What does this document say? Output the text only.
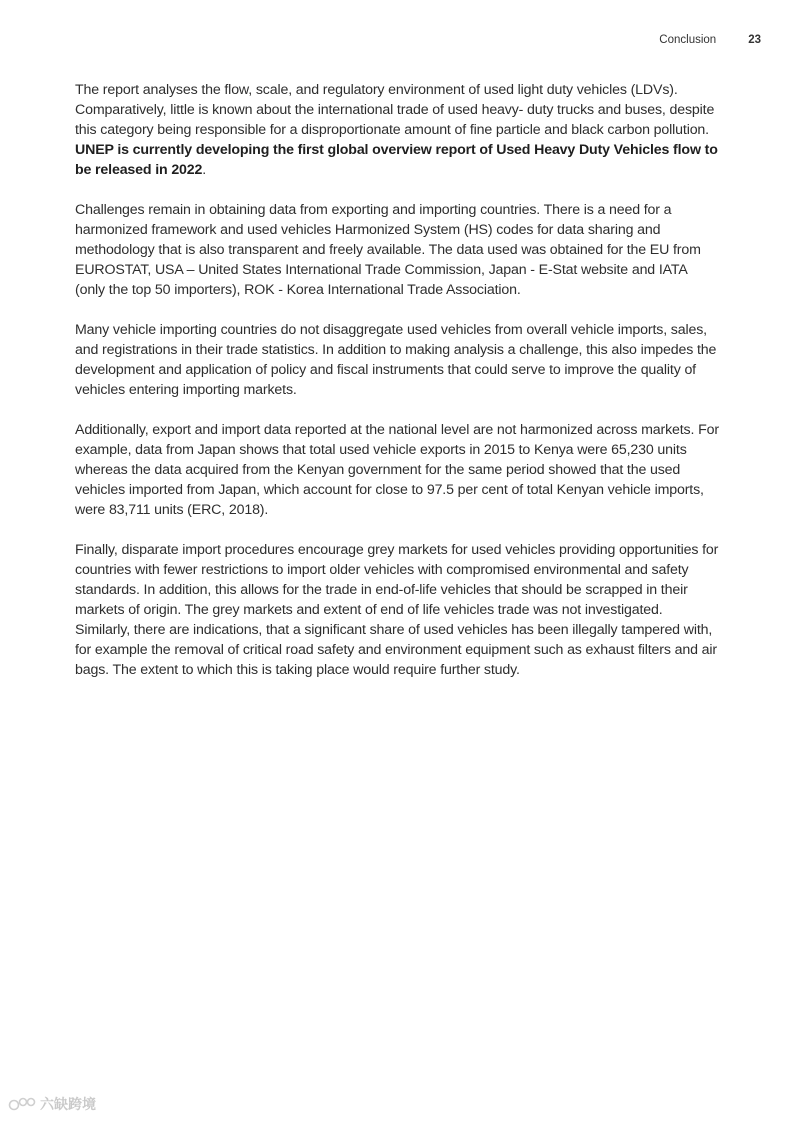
Conclusion	23

The report analyses the flow, scale, and regulatory environment of used light duty vehicles (LDVs). Comparatively, little is known about the international trade of used heavy- duty trucks and buses, despite this category being responsible for a disproportionate amount of fine particle and black carbon pollution. UNEP is currently developing the first global overview report of Used Heavy Duty Vehicles flow to be released in 2022.

Challenges remain in obtaining data from exporting and importing countries. There is a need for a harmonized framework and used vehicles Harmonized System (HS) codes for data sharing and methodology that is also transparent and freely available. The data used was obtained for the EU from EUROSTAT, USA – United States International Trade Commission, Japan - E-Stat website and IATA (only the top 50 importers), ROK - Korea International Trade Association.

Many vehicle importing countries do not disaggregate used vehicles from overall vehicle imports, sales, and registrations in their trade statistics. In addition to making analysis a challenge, this also impedes the development and application of policy and fiscal instruments that could serve to improve the quality of vehicles entering importing markets.

Additionally, export and import data reported at the national level are not harmonized across markets. For example, data from Japan shows that total used vehicle exports in 2015 to Kenya were 65,230 units whereas the data acquired from the Kenyan government for the same period showed that the used vehicles imported from Japan, which account for close to 97.5 per cent of total Kenyan vehicle imports, were 83,711 units (ERC, 2018).

Finally, disparate import procedures encourage grey markets for used vehicles providing opportunities for countries with fewer restrictions to import older vehicles with compromised environmental and safety standards. In addition, this allows for the trade in end-of-life vehicles that should be scrapped in their markets of origin. The grey markets and extent of end of life vehicles trade was not investigated. Similarly, there are indications, that a significant share of used vehicles has been illegally tampered with, for example the removal of critical road safety and environment equipment such as exhaust filters and air bags. The extent to which this is taking place would require further study.

六缺跨境
